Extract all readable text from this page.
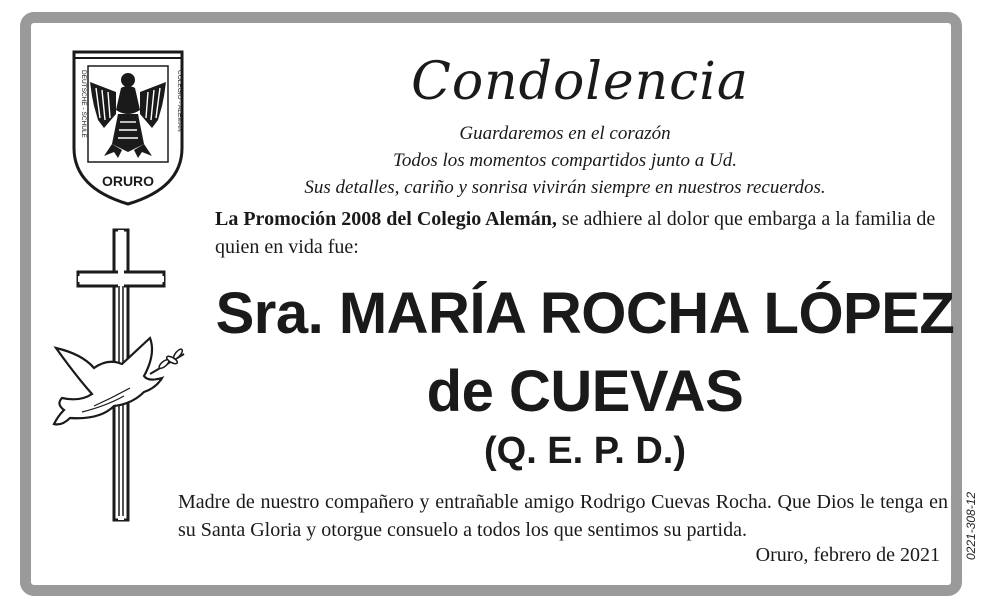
ORURO
DEUTSCHE - SCHULE	COLEGIO - ALEMAN	Condolencia
Guardaremos en el corazón
Todos los momentos compartidos junto a Ud.
Sus detalles, cariño y sonrisa vivirán siempre en nuestros recuerdos.
La Promoción 2008 del Colegio Alemán, se adhiere al dolor que embarga a la familia de quien en vida fue:
Sra. MARÍA ROCHA LÓPEZ
de CUEVAS
(Q. E. P. D.)
Madre de nuestro compañero y entrañable amigo Rodrigo Cuevas Rocha. Que Dios le tenga en su Santa Gloria y otorgue consuelo a todos los que sentimos su partida.
Oruro, febrero de 2021 0221-308-12
